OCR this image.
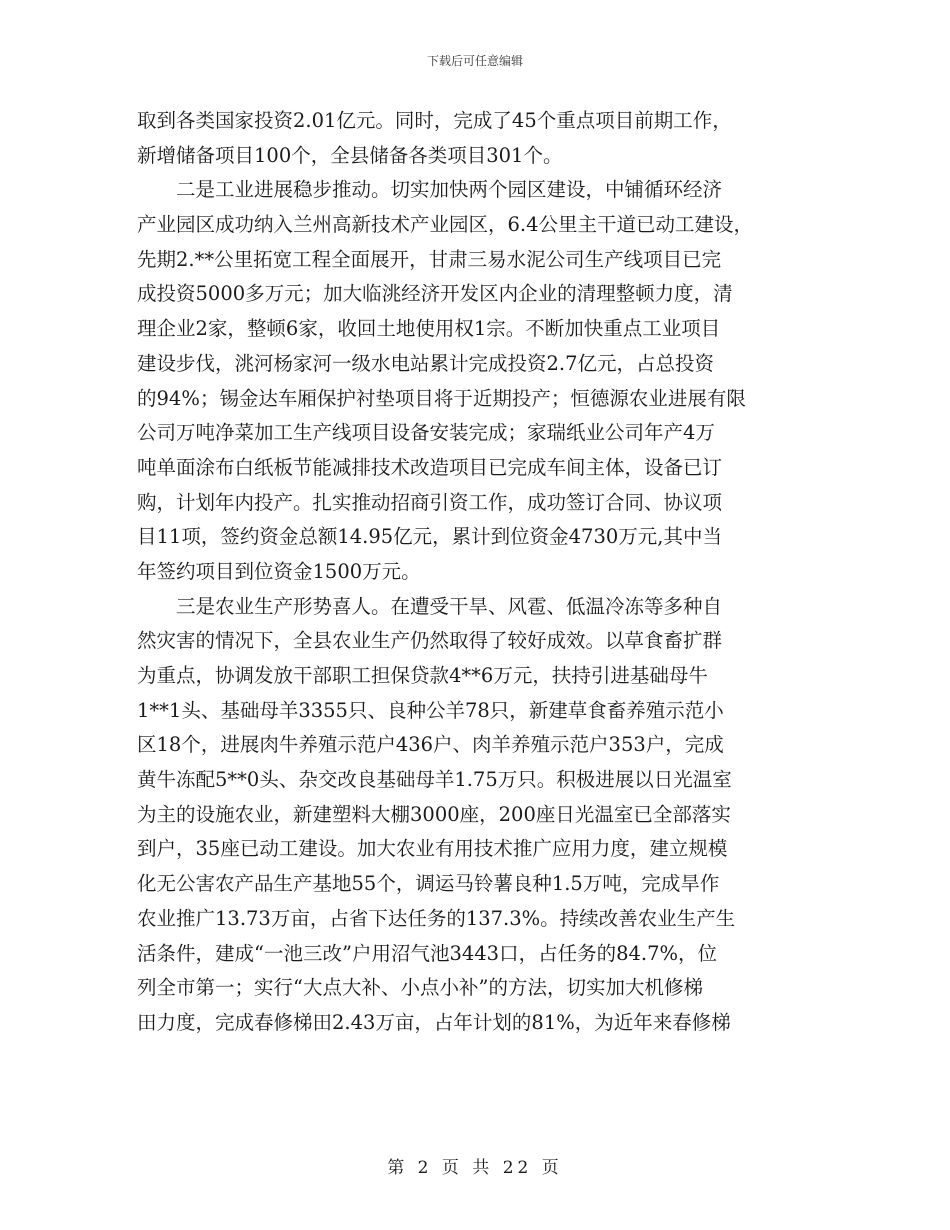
下载后可任意编辑
取到各类国家投资2.01亿元。同时，完成了45个重点项目前期工作，
新增储备项目100个，全县储备各类项目301个。
二是工业进展稳步推动。切实加快两个园区建设，中铺循环经济
产业园区成功纳入兰州高新技术产业园区，6.4公里主干道已动工建设，
先期2.**公里拓宽工程全面展开，甘肃三易水泥公司生产线项目已完
成投资5000多万元；加大临洮经济开发区内企业的清理整顿力度，清
理企业2家，整顿6家，收回土地使用权1宗。不断加快重点工业项目
建设步伐，洮河杨家河一级水电站累计完成投资2.7亿元，占总投资
的94%；锡金达车厢保护衬垫项目将于近期投产；恒德源农业进展有限
公司万吨净菜加工生产线项目设备安装完成；家瑞纸业公司年产4万
吨单面涂布白纸板节能减排技术改造项目已完成车间主体，设备已订
购，计划年内投产。扎实推动招商引资工作，成功签订合同、协议项
目11项，签约资金总额14.95亿元，累计到位资金4730万元,其中当
年签约项目到位资金1500万元。
三是农业生产形势喜人。在遭受干旱、风雹、低温冷冻等多种自
然灾害的情况下，全县农业生产仍然取得了较好成效。以草食畜扩群
为重点，协调发放干部职工担保贷款4**6万元，扶持引进基础母牛
1**1头、基础母羊3355只、良种公羊78只，新建草食畜养殖示范小
区18个，进展肉牛养殖示范户436户、肉羊养殖示范户353户，完成
黄牛冻配5**0头、杂交改良基础母羊1.75万只。积极进展以日光温室
为主的设施农业，新建塑料大棚3000座，200座日光温室已全部落实
到户，35座已动工建设。加大农业有用技术推广应用力度，建立规模
化无公害农产品生产基地55个，调运马铃薯良种1.5万吨，完成旱作
农业推广13.73万亩，占省下达任务的137.3%。持续改善农业生产生
活条件，建成“一池三改”户用沼气池3443口，占任务的84.7%，位
列全市第一；实行“大点大补、小点小补”的方法，切实加大机修梯
田力度，完成春修梯田2.43万亩，占年计划的81%，为近年来春修梯
第 2 页 共 22 页
